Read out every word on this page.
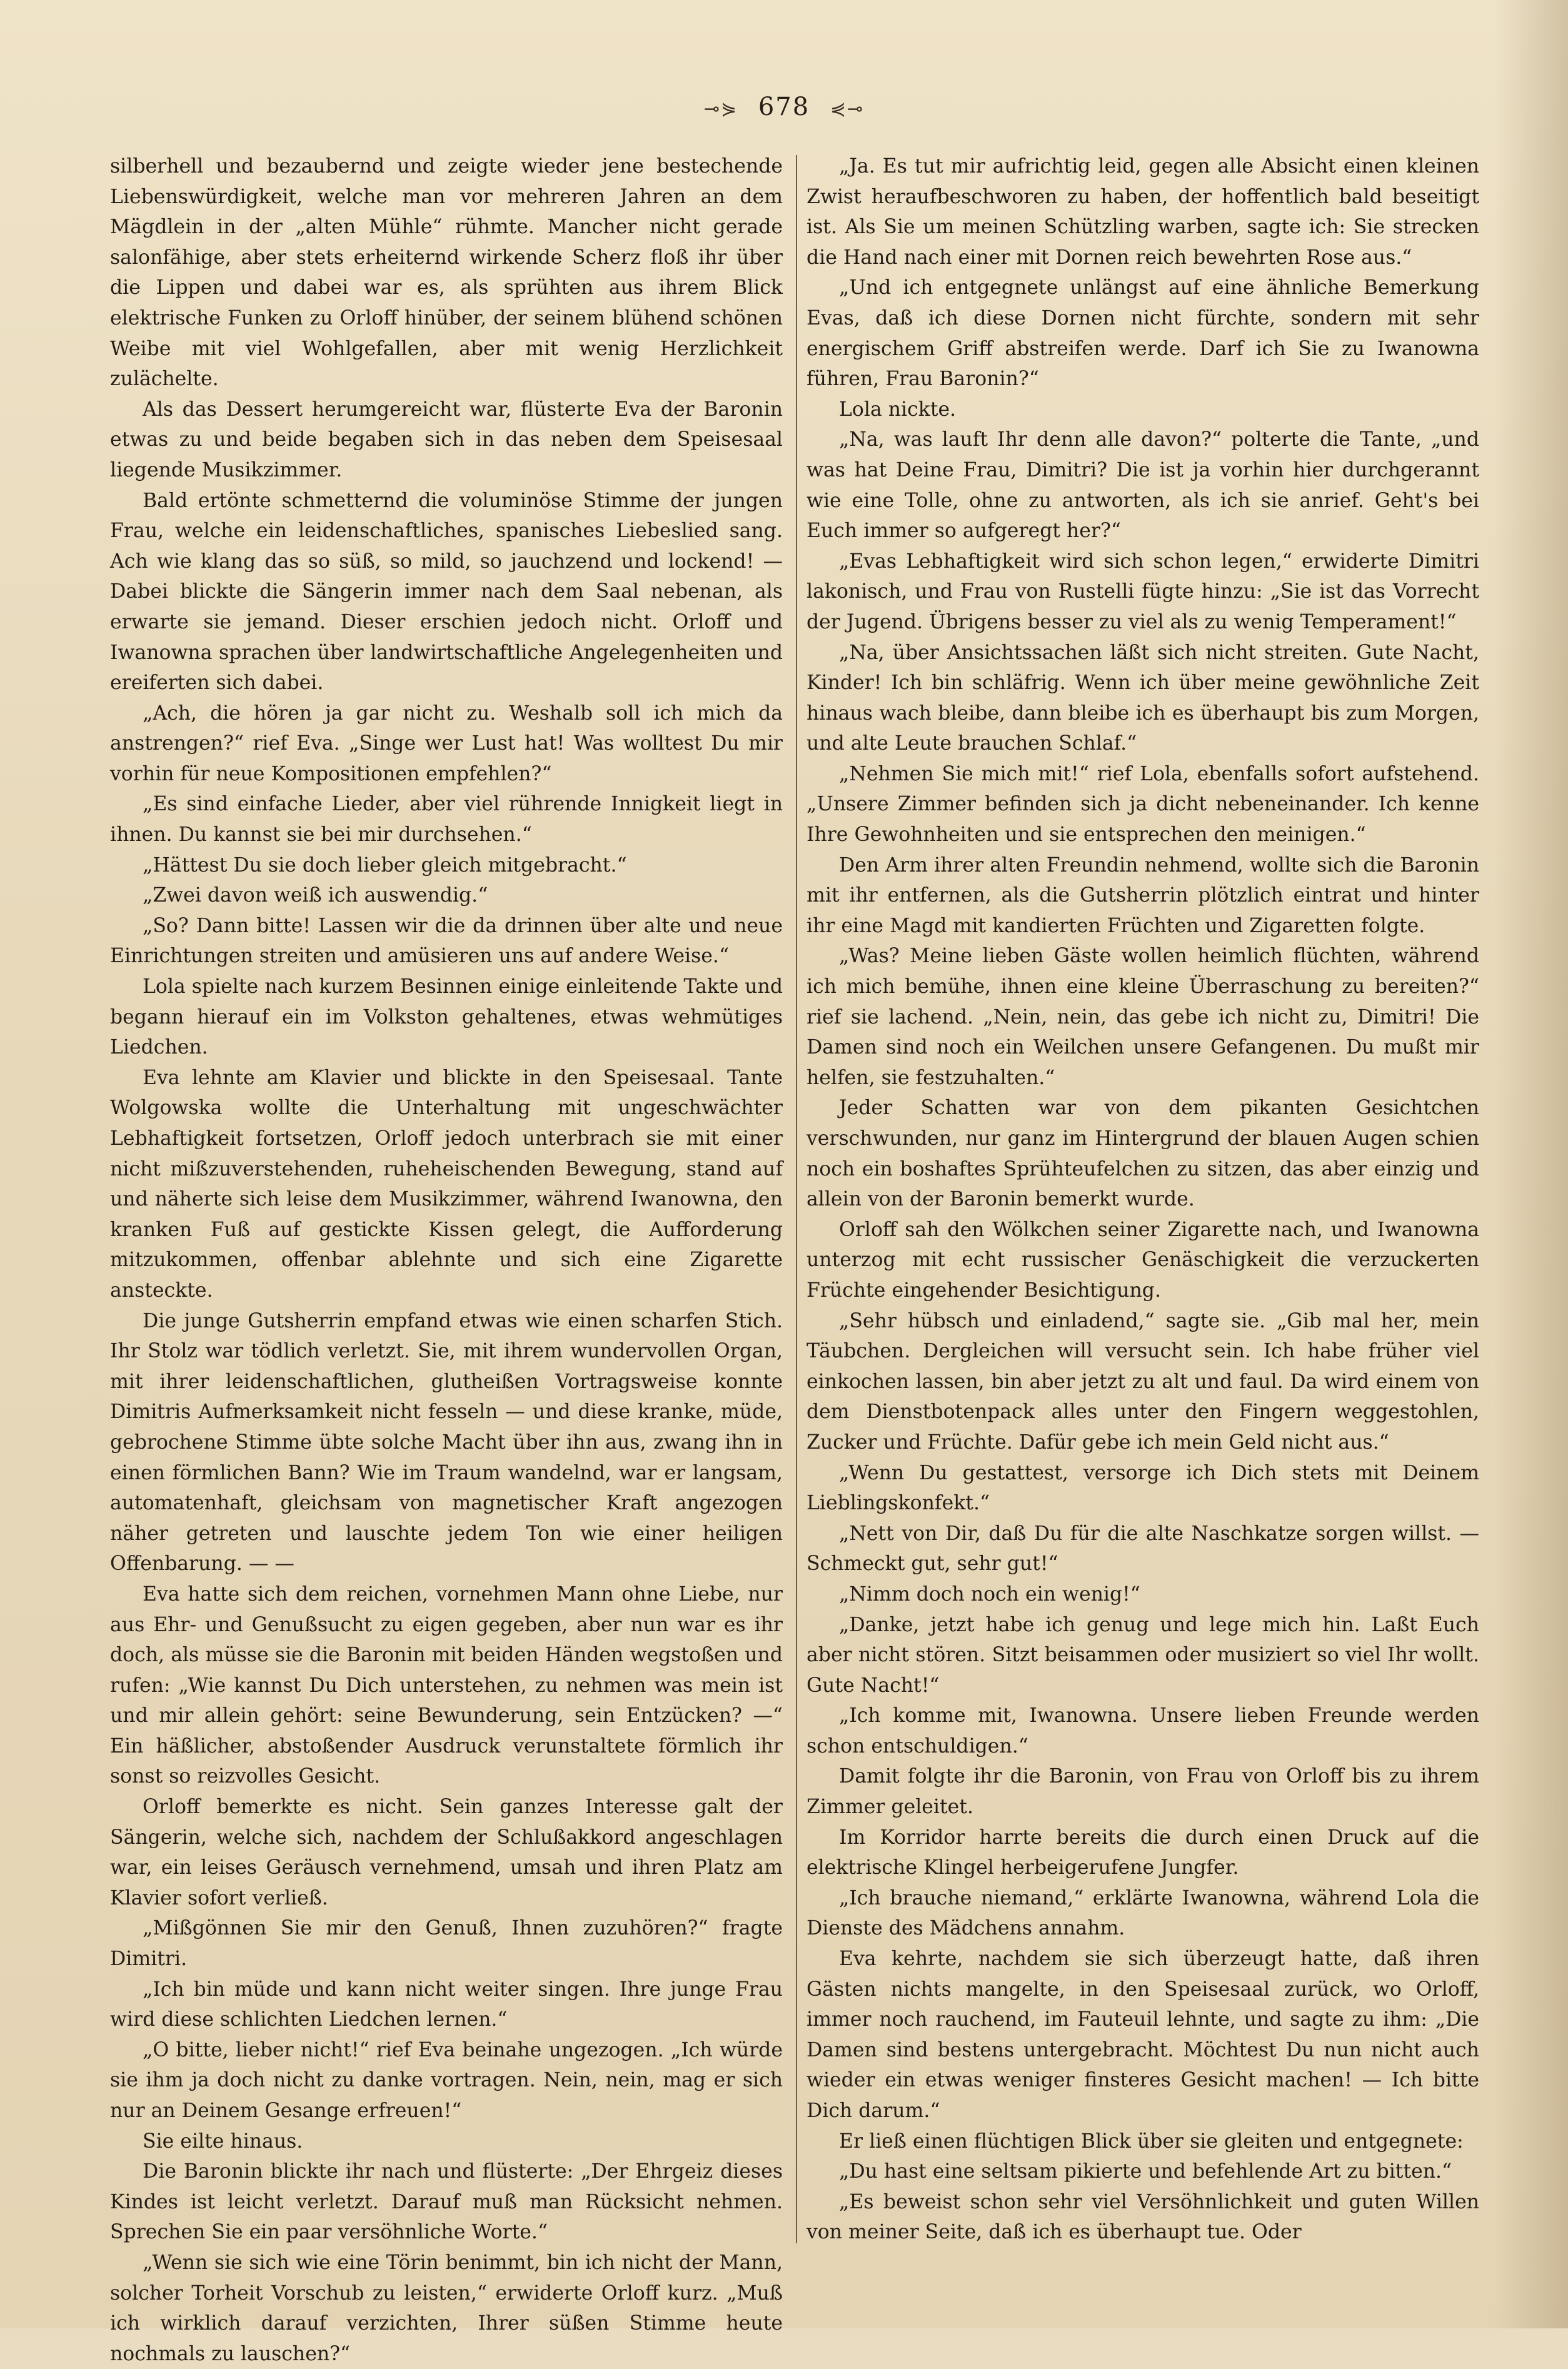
⊸⋟ 678 ⋞⊸

silberhell und bezaubernd und zeigte wieder jene bestechende Liebenswürdigkeit, welche man vor mehreren Jahren an dem Mägdlein in der „alten Mühle“ rühmte. Mancher nicht gerade salonfähige, aber stets erheiternd wirkende Scherz floß ihr über die Lippen und dabei war es, als sprühten aus ihrem Blick elektrische Funken zu Orloff hinüber, der seinem blühend schönen Weibe mit viel Wohlgefallen, aber mit wenig Herzlichkeit zulächelte.

Als das Dessert herumgereicht war, flüsterte Eva der Baronin etwas zu und beide begaben sich in das neben dem Speisesaal liegende Musikzimmer.

Bald ertönte schmetternd die voluminöse Stimme der jungen Frau, welche ein leidenschaftliches, spanisches Liebeslied sang. Ach wie klang das so süß, so mild, so jauchzend und lockend! — Dabei blickte die Sängerin immer nach dem Saal nebenan, als erwarte sie jemand. Dieser erschien jedoch nicht. Orloff und Iwanowna sprachen über landwirtschaftliche Angelegenheiten und ereiferten sich dabei.

„Ach, die hören ja gar nicht zu. Weshalb soll ich mich da anstrengen?“ rief Eva. „Singe wer Lust hat! Was wolltest Du mir vorhin für neue Kompositionen empfehlen?“

„Es sind einfache Lieder, aber viel rührende Innigkeit liegt in ihnen. Du kannst sie bei mir durchsehen.“

„Hättest Du sie doch lieber gleich mitgebracht.“

„Zwei davon weiß ich auswendig.“

„So? Dann bitte! Lassen wir die da drinnen über alte und neue Einrichtungen streiten und amüsieren uns auf andere Weise.“

Lola spielte nach kurzem Besinnen einige einleitende Takte und begann hierauf ein im Volkston gehaltenes, etwas wehmütiges Liedchen.

Eva lehnte am Klavier und blickte in den Speisesaal. Tante Wolgowska wollte die Unterhaltung mit ungeschwächter Lebhaftigkeit fortsetzen, Orloff jedoch unterbrach sie mit einer nicht mißzuverstehenden, ruheheischenden Bewegung, stand auf und näherte sich leise dem Musikzimmer, während Iwanowna, den kranken Fuß auf gestickte Kissen gelegt, die Aufforderung mitzukommen, offenbar ablehnte und sich eine Zigarette ansteckte.

Die junge Gutsherrin empfand etwas wie einen scharfen Stich. Ihr Stolz war tödlich verletzt. Sie, mit ihrem wundervollen Organ, mit ihrer leidenschaftlichen, glutheißen Vortragsweise konnte Dimitris Aufmerksamkeit nicht fesseln — und diese kranke, müde, gebrochene Stimme übte solche Macht über ihn aus, zwang ihn in einen förmlichen Bann? Wie im Traum wandelnd, war er langsam, automatenhaft, gleichsam von magnetischer Kraft angezogen näher getreten und lauschte jedem Ton wie einer heiligen Offenbarung. — —

Eva hatte sich dem reichen, vornehmen Mann ohne Liebe, nur aus Ehr- und Genußsucht zu eigen gegeben, aber nun war es ihr doch, als müsse sie die Baronin mit beiden Händen wegstoßen und rufen: „Wie kannst Du Dich unterstehen, zu nehmen was mein ist und mir allein gehört: seine Bewunderung, sein Entzücken? —“ Ein häßlicher, abstoßender Ausdruck verunstaltete förmlich ihr sonst so reizvolles Gesicht.

Orloff bemerkte es nicht. Sein ganzes Interesse galt der Sängerin, welche sich, nachdem der Schlußakkord angeschlagen war, ein leises Geräusch vernehmend, umsah und ihren Platz am Klavier sofort verließ.

„Mißgönnen Sie mir den Genuß, Ihnen zuzuhören?“ fragte Dimitri.

„Ich bin müde und kann nicht weiter singen. Ihre junge Frau wird diese schlichten Liedchen lernen.“

„O bitte, lieber nicht!“ rief Eva beinahe ungezogen. „Ich würde sie ihm ja doch nicht zu danke vortragen. Nein, nein, mag er sich nur an Deinem Gesange erfreuen!“

Sie eilte hinaus.

Die Baronin blickte ihr nach und flüsterte: „Der Ehrgeiz dieses Kindes ist leicht verletzt. Darauf muß man Rücksicht nehmen. Sprechen Sie ein paar versöhnliche Worte.“

„Wenn sie sich wie eine Törin benimmt, bin ich nicht der Mann, solcher Torheit Vorschub zu leisten,“ erwiderte Orloff kurz. „Muß ich wirklich darauf verzichten, Ihrer süßen Stimme heute nochmals zu lauschen?“

„Ja. Es tut mir aufrichtig leid, gegen alle Absicht einen kleinen Zwist heraufbeschworen zu haben, der hoffentlich bald beseitigt ist. Als Sie um meinen Schützling warben, sagte ich: Sie strecken die Hand nach einer mit Dornen reich bewehrten Rose aus.“

„Und ich entgegnete unlängst auf eine ähnliche Bemerkung Evas, daß ich diese Dornen nicht fürchte, sondern mit sehr energischem Griff abstreifen werde. Darf ich Sie zu Iwanowna führen, Frau Baronin?“

Lola nickte.

„Na, was lauft Ihr denn alle davon?“ polterte die Tante, „und was hat Deine Frau, Dimitri? Die ist ja vorhin hier durchgerannt wie eine Tolle, ohne zu antworten, als ich sie anrief. Geht's bei Euch immer so aufgeregt her?“

„Evas Lebhaftigkeit wird sich schon legen,“ erwiderte Dimitri lakonisch, und Frau von Rustelli fügte hinzu: „Sie ist das Vorrecht der Jugend. Übrigens besser zu viel als zu wenig Temperament!“

„Na, über Ansichtssachen läßt sich nicht streiten. Gute Nacht, Kinder! Ich bin schläfrig. Wenn ich über meine gewöhnliche Zeit hinaus wach bleibe, dann bleibe ich es überhaupt bis zum Morgen, und alte Leute brauchen Schlaf.“

„Nehmen Sie mich mit!“ rief Lola, ebenfalls sofort aufstehend. „Unsere Zimmer befinden sich ja dicht nebeneinander. Ich kenne Ihre Gewohnheiten und sie entsprechen den meinigen.“

Den Arm ihrer alten Freundin nehmend, wollte sich die Baronin mit ihr entfernen, als die Gutsherrin plötzlich eintrat und hinter ihr eine Magd mit kandierten Früchten und Zigaretten folgte.

„Was? Meine lieben Gäste wollen heimlich flüchten, während ich mich bemühe, ihnen eine kleine Überraschung zu bereiten?“ rief sie lachend. „Nein, nein, das gebe ich nicht zu, Dimitri! Die Damen sind noch ein Weilchen unsere Gefangenen. Du mußt mir helfen, sie festzuhalten.“

Jeder Schatten war von dem pikanten Gesichtchen verschwunden, nur ganz im Hintergrund der blauen Augen schien noch ein boshaftes Sprühteufelchen zu sitzen, das aber einzig und allein von der Baronin bemerkt wurde.

Orloff sah den Wölkchen seiner Zigarette nach, und Iwanowna unterzog mit echt russischer Genäschigkeit die verzuckerten Früchte eingehender Besichtigung.

„Sehr hübsch und einladend,“ sagte sie. „Gib mal her, mein Täubchen. Dergleichen will versucht sein. Ich habe früher viel einkochen lassen, bin aber jetzt zu alt und faul. Da wird einem von dem Dienstbotenpack alles unter den Fingern weggestohlen, Zucker und Früchte. Dafür gebe ich mein Geld nicht aus.“

„Wenn Du gestattest, versorge ich Dich stets mit Deinem Lieblingskonfekt.“

„Nett von Dir, daß Du für die alte Naschkatze sorgen willst. — Schmeckt gut, sehr gut!“

„Nimm doch noch ein wenig!“

„Danke, jetzt habe ich genug und lege mich hin. Laßt Euch aber nicht stören. Sitzt beisammen oder musiziert so viel Ihr wollt. Gute Nacht!“

„Ich komme mit, Iwanowna. Unsere lieben Freunde werden schon entschuldigen.“

Damit folgte ihr die Baronin, von Frau von Orloff bis zu ihrem Zimmer geleitet.

Im Korridor harrte bereits die durch einen Druck auf die elektrische Klingel herbeigerufene Jungfer.

„Ich brauche niemand,“ erklärte Iwanowna, während Lola die Dienste des Mädchens annahm.

Eva kehrte, nachdem sie sich überzeugt hatte, daß ihren Gästen nichts mangelte, in den Speisesaal zurück, wo Orloff, immer noch rauchend, im Fauteuil lehnte, und sagte zu ihm: „Die Damen sind bestens untergebracht. Möchtest Du nun nicht auch wieder ein etwas weniger finsteres Gesicht machen! — Ich bitte Dich darum.“

Er ließ einen flüchtigen Blick über sie gleiten und entgegnete:

„Du hast eine seltsam pikierte und befehlende Art zu bitten.“

„Es beweist schon sehr viel Versöhnlichkeit und guten Willen von meiner Seite, daß ich es überhaupt tue. Oder
